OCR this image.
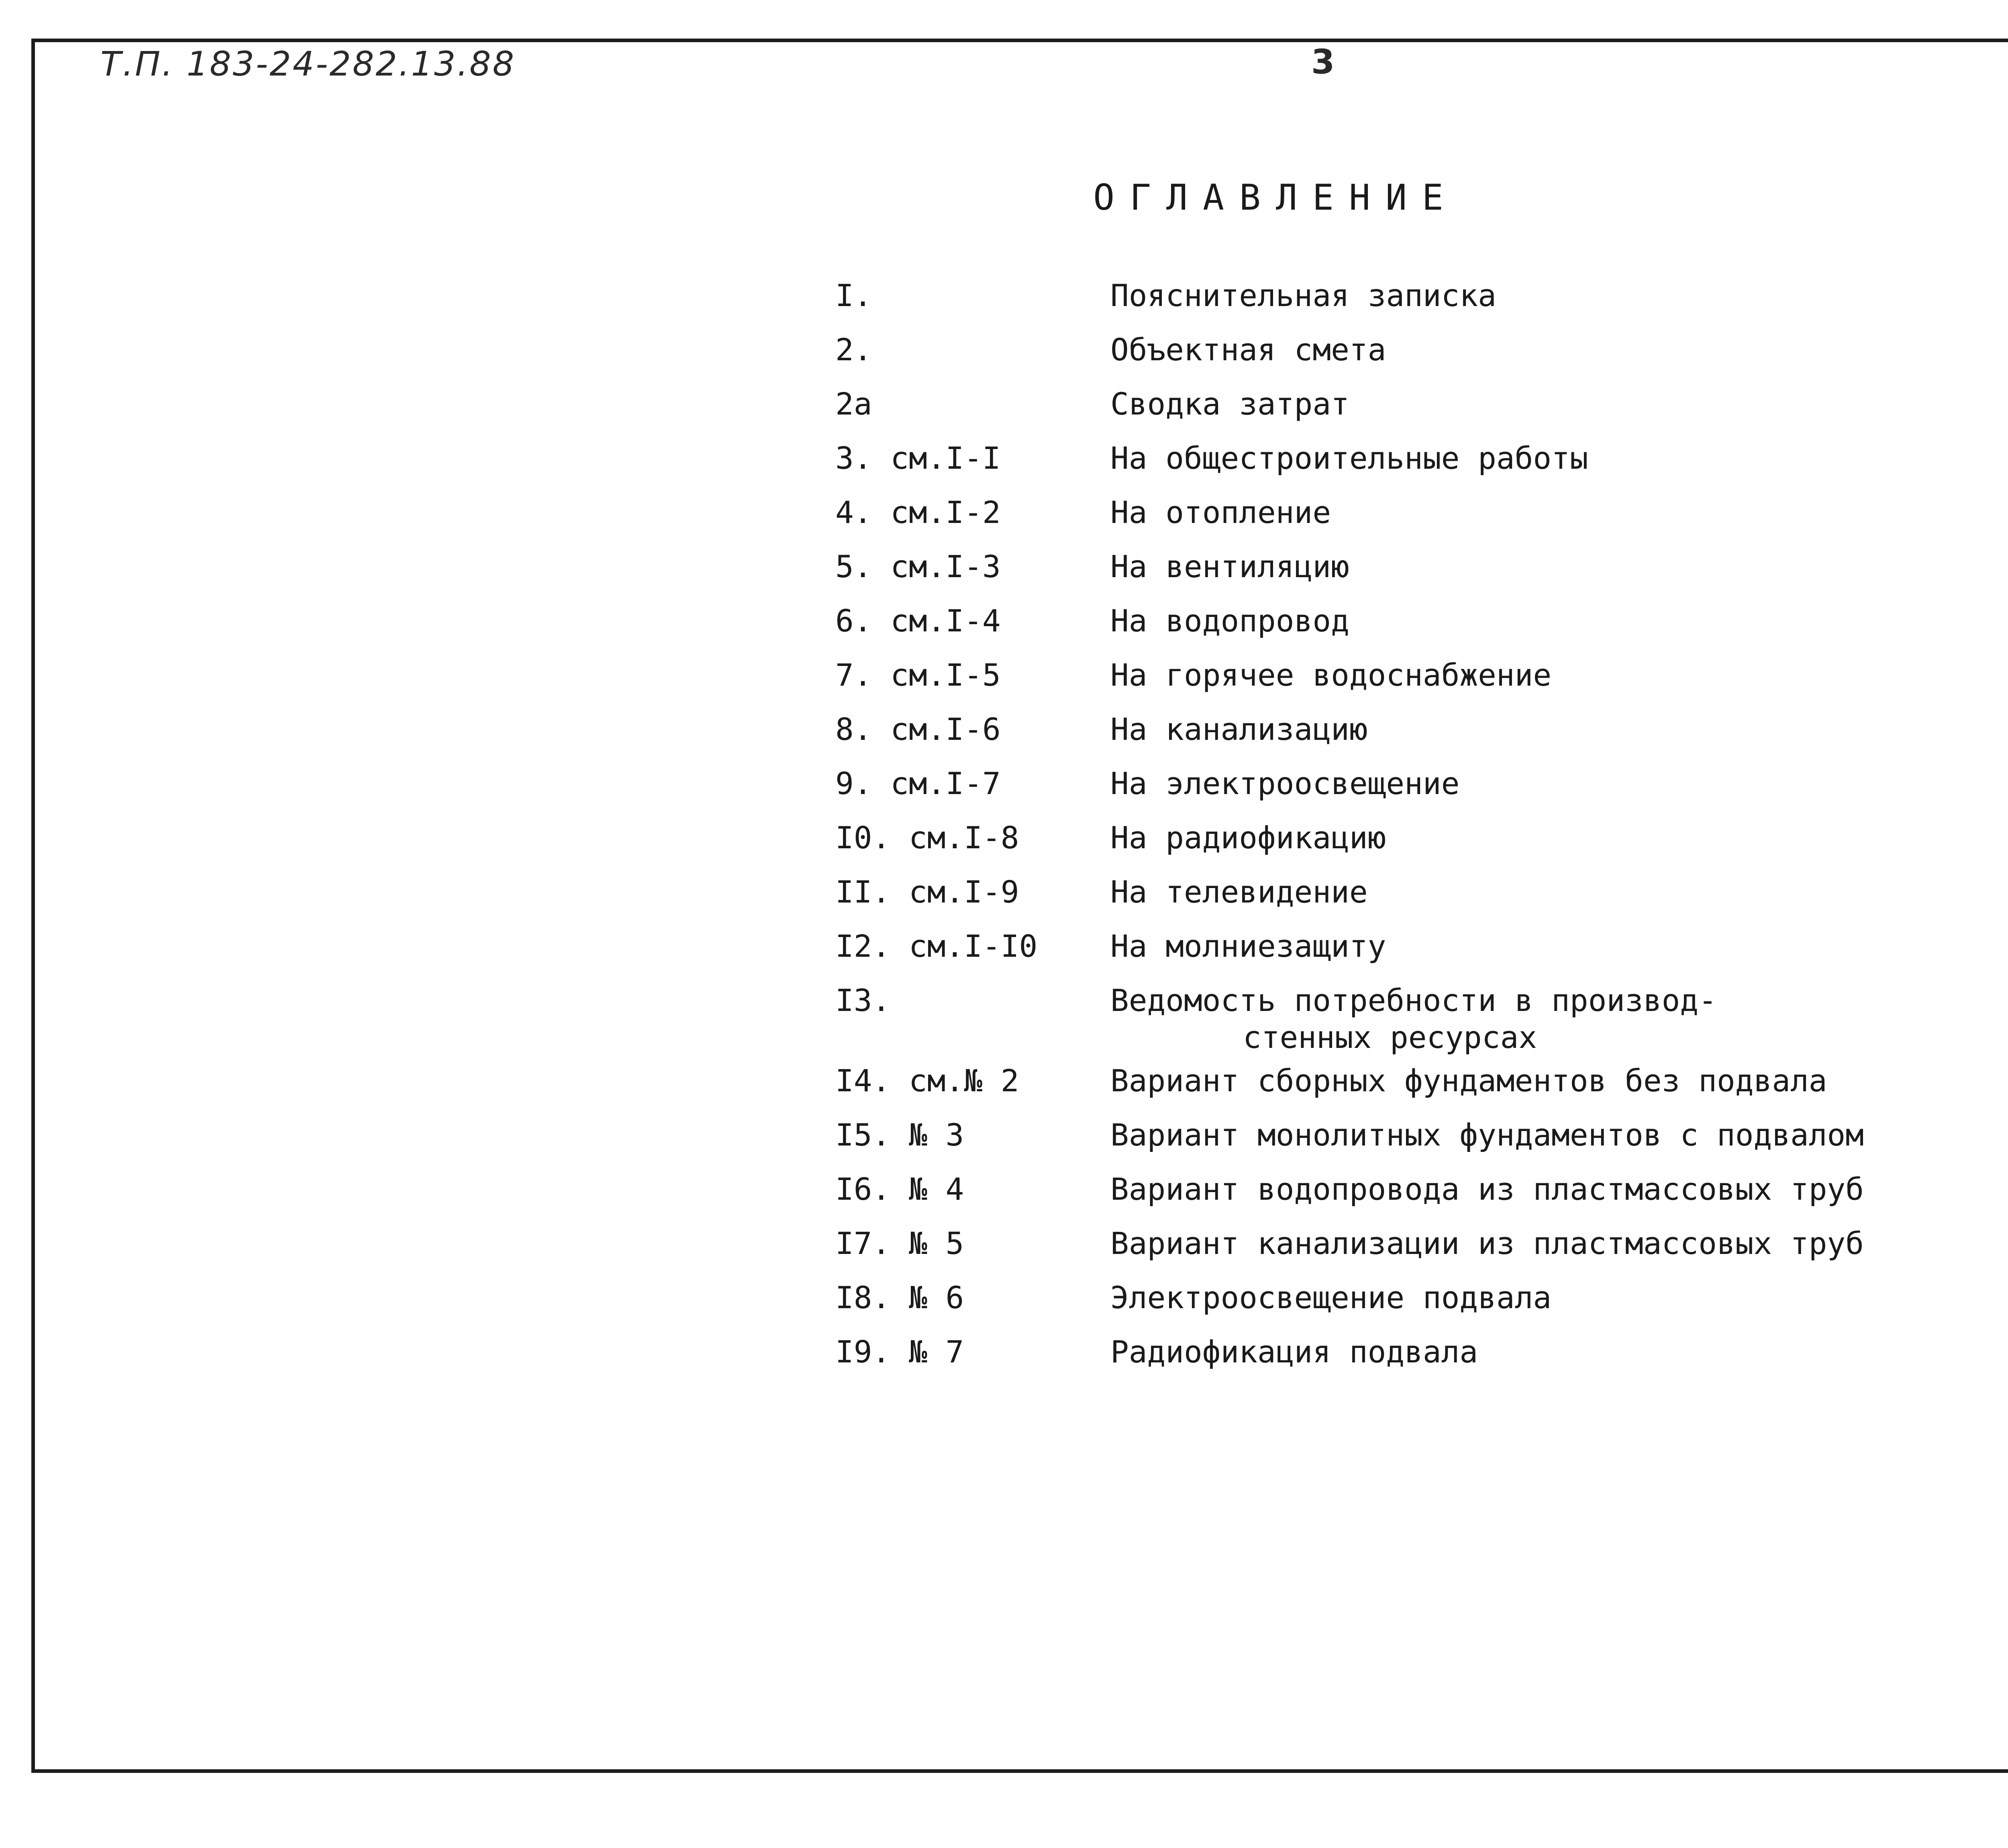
Т.П. 183-24-282.13.88	3
ОГЛАВЛЕНИЕ
I.	Пояснительная записка
2.	Объектная смета
2а	Сводка затрат
3. см.I-I	На общестроительные работы
4. см.I-2	На отопление
5. см.I-3	На вентиляцию
6. см.I-4	На водопровод
7. см.I-5	На горячее водоснабжение
8. см.I-6	На канализацию
9. см.I-7	На электроосвещение
I0. см.I-8	На радиофикацию
II. см.I-9	На телевидение
I2. см.I-I0 На молниезащиту
I3.	Ведомость потребности в производ-
стенных ресурсах
I4. см.№ 2	Вариант сборных фундаментов без подвала
I5. № 3	Вариант монолитных фундаментов с подвалом
I6. № 4	Вариант водопровода из пластмассовых труб
I7. № 5	Вариант канализации из пластмассовых труб
I8. № 6	Электроосвещение подвала
I9. № 7	Радиофикация подвала
